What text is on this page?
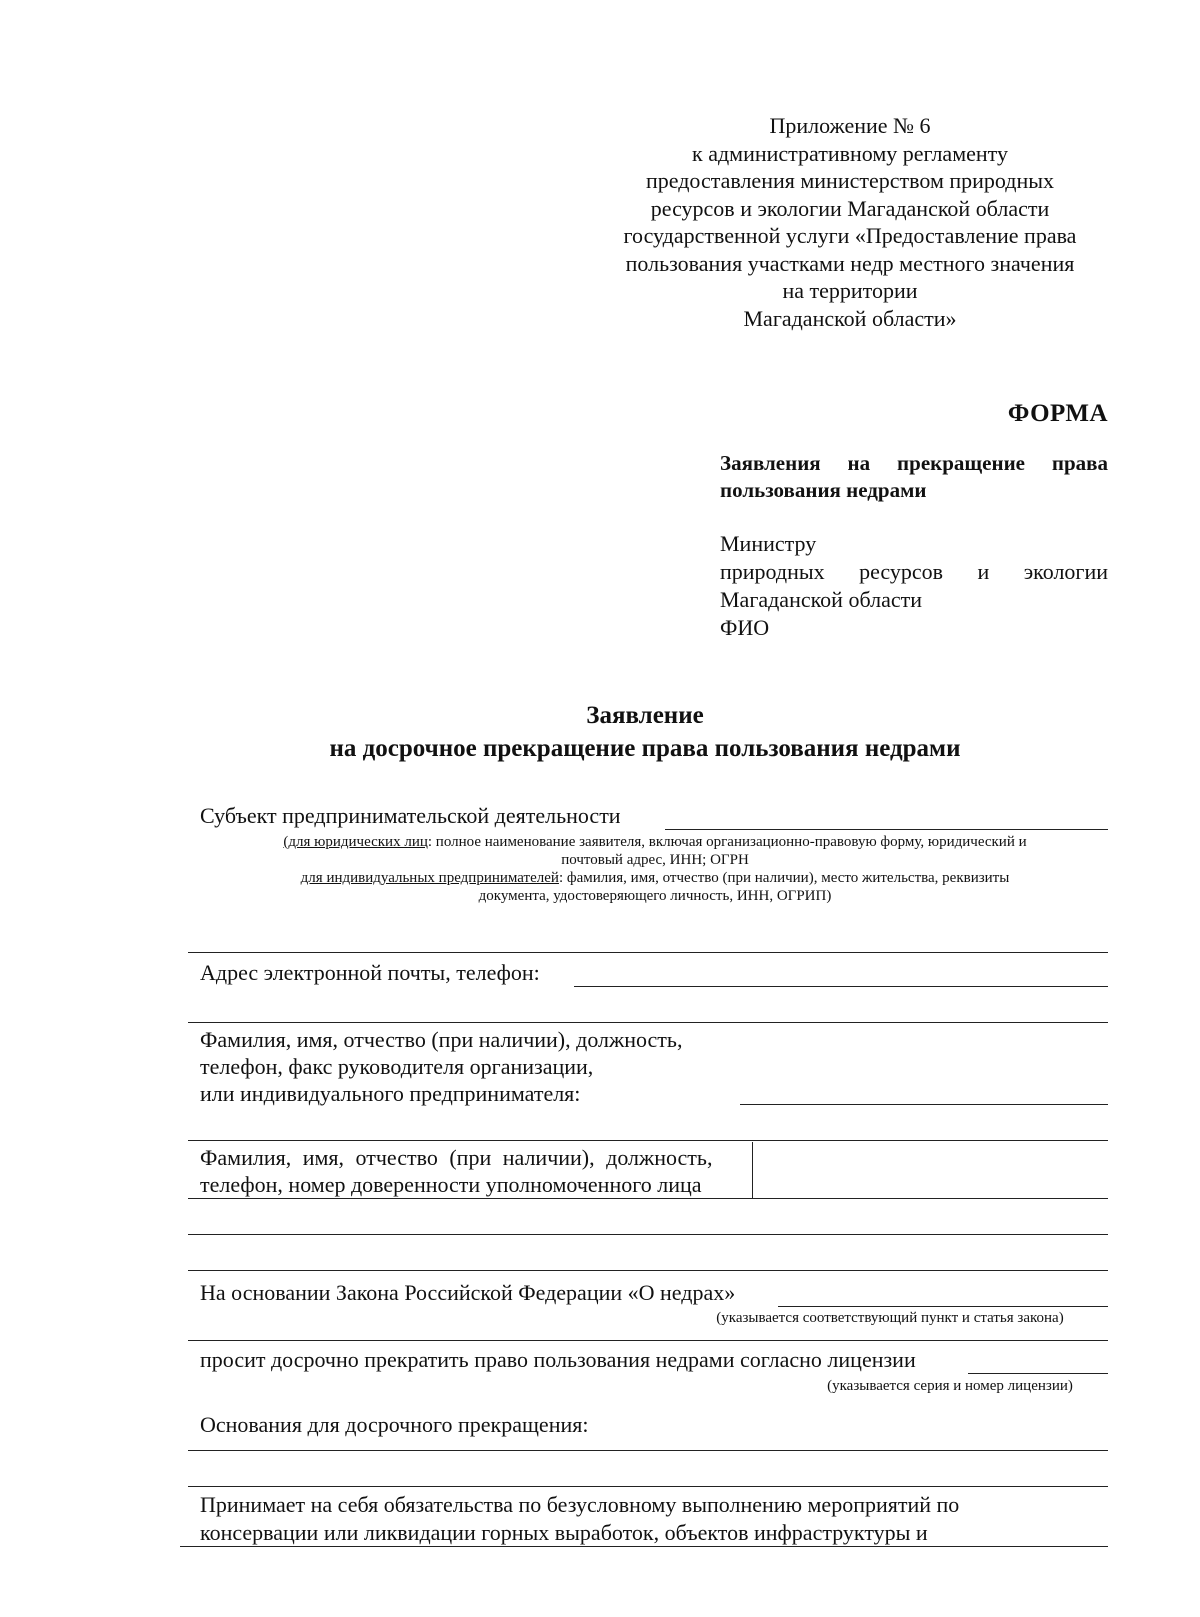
Приложение № 6
к административному регламенту
предоставления министерством природных
ресурсов и экологии Магаданской области
государственной услуги «Предоставление права
пользования участками недр местного значения
на территории
Магаданской области»
ФОРМА
Заявления на прекращение права пользования недрами
Министру
природных ресурсов и экологии
Магаданской области
ФИО
Заявление
на досрочное прекращение права пользования недрами
Субъект предпринимательской деятельности
(для юридических лиц: полное наименование заявителя, включая организационно-правовую форму, юридический и
почтовый адрес, ИНН; ОГРН
для индивидуальных предпринимателей: фамилия, имя, отчество (при наличии), место жительства, реквизиты
документа, удостоверяющего личность, ИНН, ОГРИП)
Адрес электронной почты, телефон:
Фамилия, имя, отчество (при наличии), должность,
телефон, факс руководителя организации,
или индивидуального предпринимателя:
Фамилия, имя, отчество (при наличии), должность,
телефон, номер доверенности уполномоченного лица
На основании Закона Российской Федерации «О недрах»
(указывается соответствующий пункт и статья закона)
просит досрочно прекратить право пользования недрами согласно лицензии
(указывается серия и номер лицензии)
Основания для досрочного прекращения:
Принимает на себя обязательства по безусловному выполнению мероприятий по
консервации или ликвидации горных выработок, объектов инфраструктуры и
